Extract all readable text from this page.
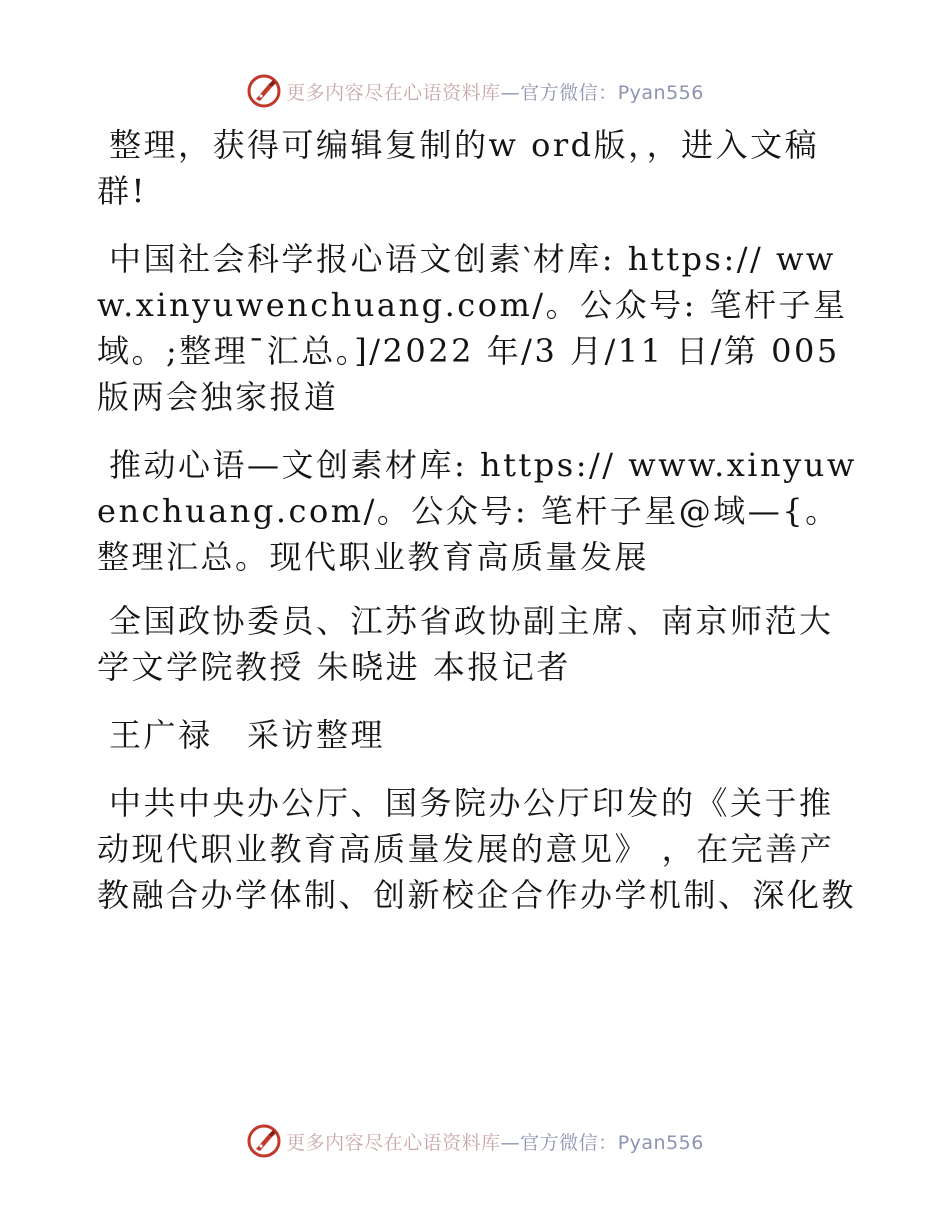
更多内容尽在心语资料库—官方微信：Pyan556

整理，获得可编辑复制的w ord版，，进入文稿群!

中国社会科学报心语文创素‵材库: https:// www.xinyuwenchuang.com/。公众号: 笔杆子星域。;整理¯汇总。]/2022 年/3 月/11 日/第 005版两会独家报道

推动心语—文创素材库: https:// www.xinyuwenchuang.com/。公众号: 笔杆子星@域—{。整理汇总。现代职业教育高质量发展

全国政协委员、江苏省政协副主席、南京师范大学文学院教授 朱晓进 本报记者

王广禄　采访整理

中共中央办公厅、国务院办公厅印发的《关于推动现代职业教育高质量发展的意见》 ，在完善产教融合办学体制、创新校企合作办学机制、深化教

更多内容尽在心语资料库—官方微信：Pyan556
